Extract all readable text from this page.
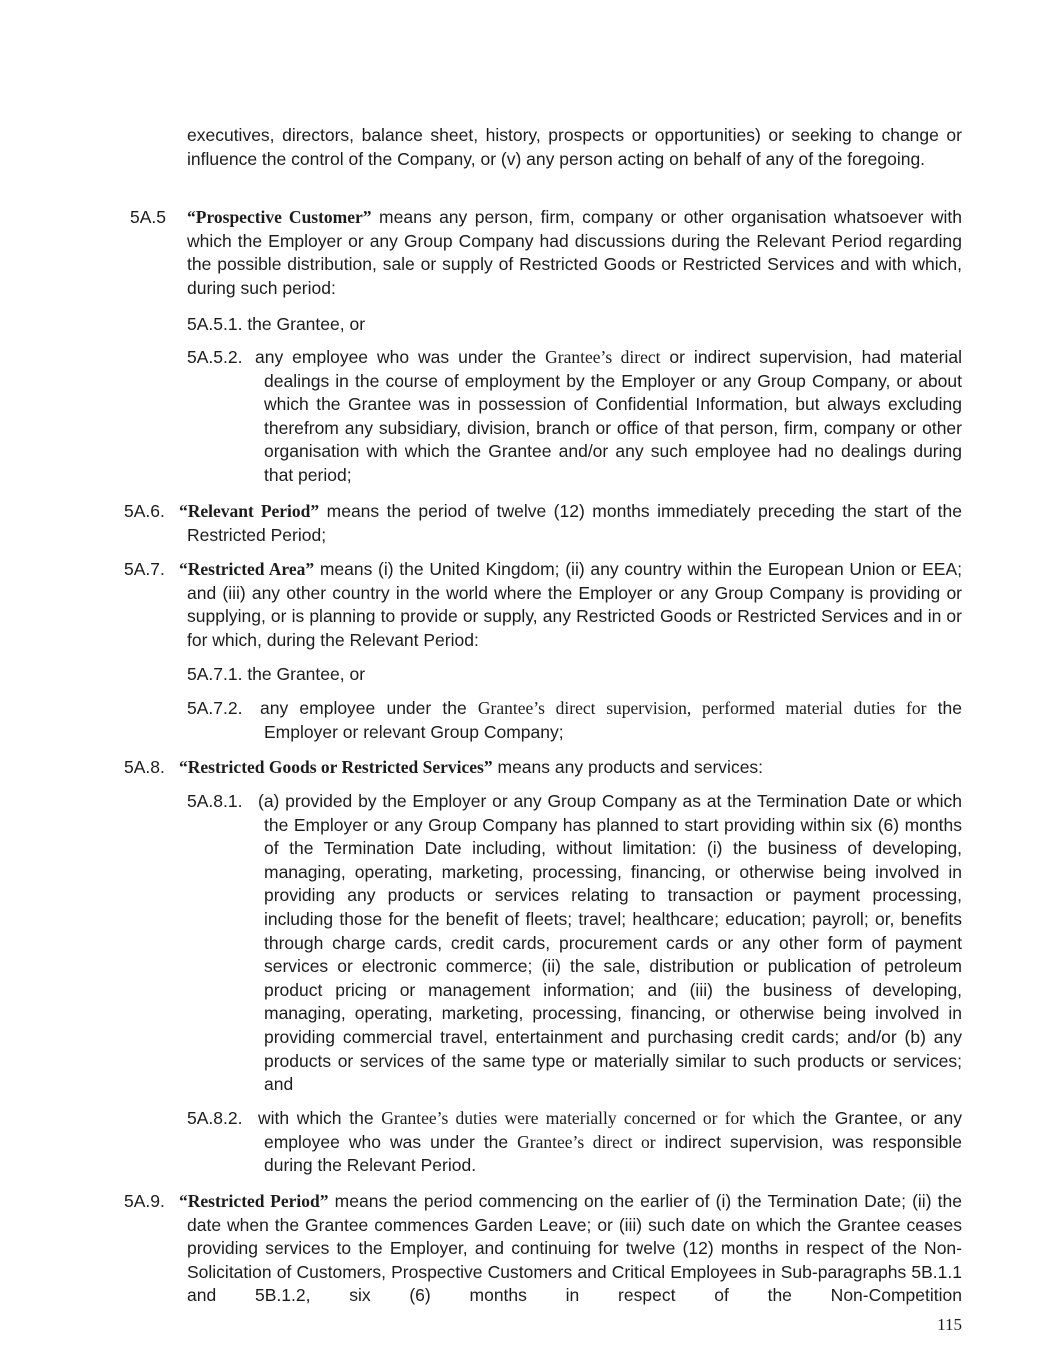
executives, directors, balance sheet, history, prospects or opportunities) or seeking to change or influence the control of the Company, or (v) any person acting on behalf of any of the foregoing.
5A.5 “Prospective Customer” means any person, firm, company or other organisation whatsoever with which the Employer or any Group Company had discussions during the Relevant Period regarding the possible distribution, sale or supply of Restricted Goods or Restricted Services and with which, during such period:
5A.5.1. the Grantee, or
5A.5.2. any employee who was under the Grantee’s direct or indirect supervision, had material dealings in the course of employment by the Employer or any Group Company, or about which the Grantee was in possession of Confidential Information, but always excluding therefrom any subsidiary, division, branch or office of that person, firm, company or other organisation with which the Grantee and/or any such employee had no dealings during that period;
5A.6. “Relevant Period” means the period of twelve (12) months immediately preceding the start of the Restricted Period;
5A.7. “Restricted Area” means (i) the United Kingdom; (ii) any country within the European Union or EEA; and (iii) any other country in the world where the Employer or any Group Company is providing or supplying, or is planning to provide or supply, any Restricted Goods or Restricted Services and in or for which, during the Relevant Period:
5A.7.1. the Grantee, or
5A.7.2. any employee under the Grantee’s direct supervision, performed material duties for the Employer or relevant Group Company;
5A.8. “Restricted Goods or Restricted Services” means any products and services:
5A.8.1. (a) provided by the Employer or any Group Company as at the Termination Date or which the Employer or any Group Company has planned to start providing within six (6) months of the Termination Date including, without limitation: (i) the business of developing, managing, operating, marketing, processing, financing, or otherwise being involved in providing any products or services relating to transaction or payment processing, including those for the benefit of fleets; travel; healthcare; education; payroll; or, benefits through charge cards, credit cards, procurement cards or any other form of payment services or electronic commerce; (ii) the sale, distribution or publication of petroleum product pricing or management information; and (iii) the business of developing, managing, operating, marketing, processing, financing, or otherwise being involved in providing commercial travel, entertainment and purchasing credit cards; and/or (b) any products or services of the same type or materially similar to such products or services; and
5A.8.2. with which the Grantee’s duties were materially concerned or for which the Grantee, or any employee who was under the Grantee’s direct or indirect supervision, was responsible during the Relevant Period.
5A.9. “Restricted Period” means the period commencing on the earlier of (i) the Termination Date; (ii) the date when the Grantee commences Garden Leave; or (iii) such date on which the Grantee ceases providing services to the Employer, and continuing for twelve (12) months in respect of the Non-Solicitation of Customers, Prospective Customers and Critical Employees in Sub-paragraphs 5B.1.1 and 5B.1.2, six (6) months in respect of the Non-Competition
115
